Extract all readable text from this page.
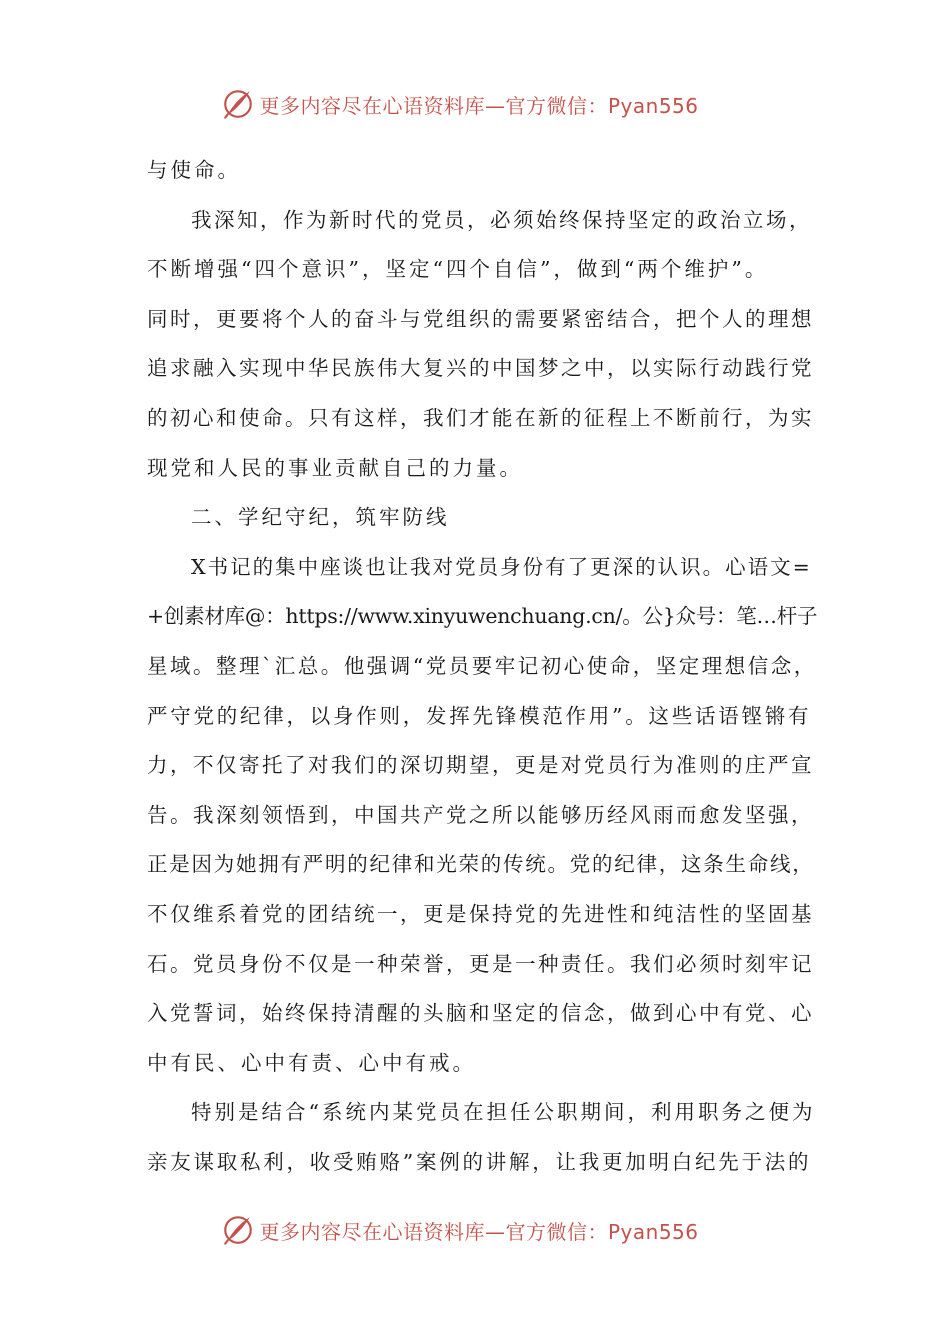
更多内容尽在心语资料库—官方微信：Pyan556
与使命。
我深知，作为新时代的党员，必须始终保持坚定的政治立场，
不断增强“四个意识”，坚定“四个自信”，做到“两个维护”。
同时，更要将个人的奋斗与党组织的需要紧密结合，把个人的理想
追求融入实现中华民族伟大复兴的中国梦之中，以实际行动践行党
的初心和使命。只有这样，我们才能在新的征程上不断前行，为实
现党和人民的事业贡献自己的力量。
二、学纪守纪，筑牢防线
X书记的集中座谈也让我对党员身份有了更深的认识。心语文=
+创素材库@：https://www.xinyuwenchuang.cn/。公}众号：笔…杆子
星域。整理`汇总。他强调“党员要牢记初心使命，坚定理想信念，
严守党的纪律，以身作则，发挥先锋模范作用”。这些话语铿锵有
力，不仅寄托了对我们的深切期望，更是对党员行为准则的庄严宣
告。我深刻领悟到，中国共产党之所以能够历经风雨而愈发坚强，
正是因为她拥有严明的纪律和光荣的传统。党的纪律，这条生命线，
不仅维系着党的团结统一，更是保持党的先进性和纯洁性的坚固基
石。党员身份不仅是一种荣誉，更是一种责任。我们必须时刻牢记
入党誓词，始终保持清醒的头脑和坚定的信念，做到心中有党、心
中有民、心中有责、心中有戒。
特别是结合“系统内某党员在担任公职期间，利用职务之便为
亲友谋取私利，收受贿赂”案例的讲解，让我更加明白纪先于法的
更多内容尽在心语资料库—官方微信：Pyan556
